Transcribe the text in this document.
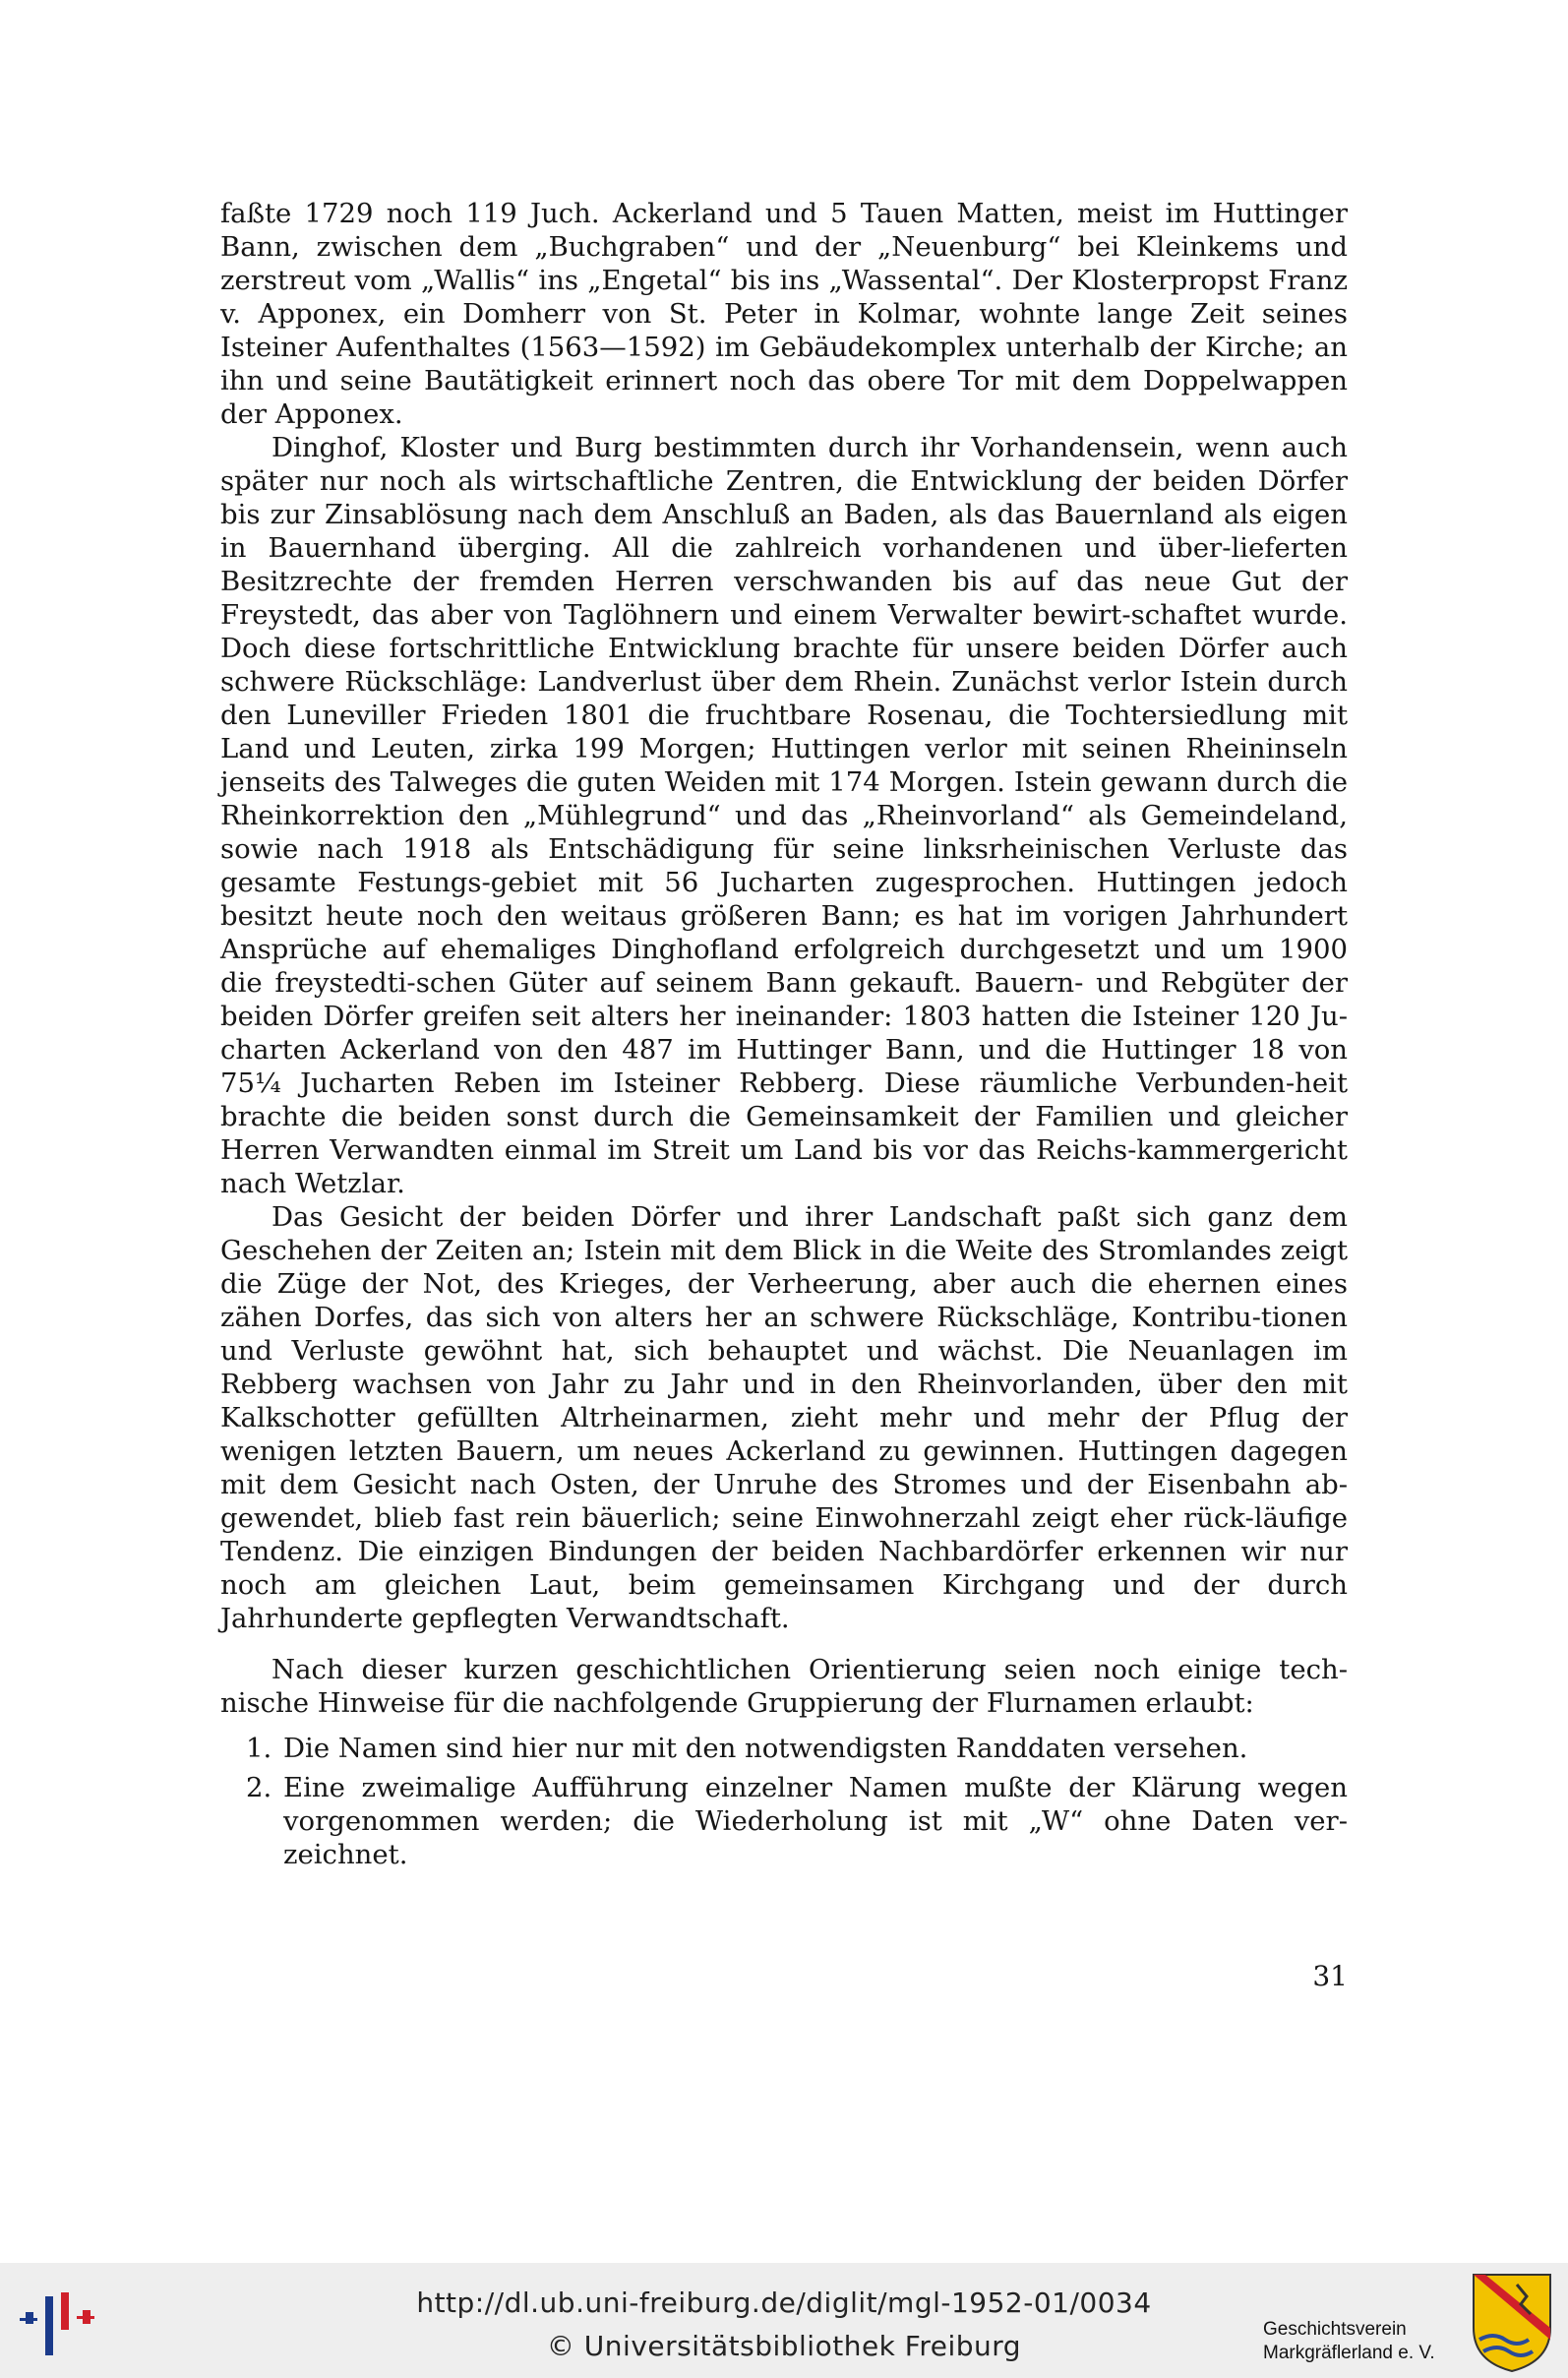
faßte 1729 noch 119 Juch. Ackerland und 5 Tauen Matten, meist im Huttinger Bann, zwischen dem „Buchgraben“ und der „Neuenburg“ bei Kleinkems und zerstreut vom „Wallis“ ins „Engetal“ bis ins „Wassental“. Der Klosterpropst Franz v. Apponex, ein Domherr von St. Peter in Kolmar, wohnte lange Zeit seines Isteiner Aufenthaltes (1563—1592) im Gebäudekomplex unterhalb der Kirche; an ihn und seine Bautätigkeit erinnert noch das obere Tor mit dem Doppelwappen der Apponex.

Dinghof, Kloster und Burg bestimmten durch ihr Vorhandensein, wenn auch später nur noch als wirtschaftliche Zentren, die Entwicklung der beiden Dörfer bis zur Zinsablösung nach dem Anschluß an Baden, als das Bauernland als eigen in Bauernhand überging. All die zahlreich vorhandenen und über-lieferten Besitzrechte der fremden Herren verschwanden bis auf das neue Gut der Freystedt, das aber von Taglöhnern und einem Verwalter bewirt-schaftet wurde. Doch diese fortschrittliche Entwicklung brachte für unsere beiden Dörfer auch schwere Rückschläge: Landverlust über dem Rhein. Zunächst verlor Istein durch den Luneviller Frieden 1801 die fruchtbare Rosenau, die Tochtersiedlung mit Land und Leuten, zirka 199 Morgen; Huttingen verlor mit seinen Rheininseln jenseits des Talweges die guten Weiden mit 174 Morgen. Istein gewann durch die Rheinkorrektion den „Mühlegrund“ und das „Rheinvorland“ als Gemeindeland, sowie nach 1918 als Entschädigung für seine linksrheinischen Verluste das gesamte Festungs-gebiet mit 56 Jucharten zugesprochen. Huttingen jedoch besitzt heute noch den weitaus größeren Bann; es hat im vorigen Jahrhundert Ansprüche auf ehemaliges Dinghofland erfolgreich durchgesetzt und um 1900 die freystedti-schen Güter auf seinem Bann gekauft. Bauern- und Rebgüter der beiden Dörfer greifen seit alters her ineinander: 1803 hatten die Isteiner 120 Ju-charten Ackerland von den 487 im Huttinger Bann, und die Huttinger 18 von 75¼ Jucharten Reben im Isteiner Rebberg. Diese räumliche Verbunden-heit brachte die beiden sonst durch die Gemeinsamkeit der Familien und gleicher Herren Verwandten einmal im Streit um Land bis vor das Reichs-kammergericht nach Wetzlar.

Das Gesicht der beiden Dörfer und ihrer Landschaft paßt sich ganz dem Geschehen der Zeiten an; Istein mit dem Blick in die Weite des Stromlandes zeigt die Züge der Not, des Krieges, der Verheerung, aber auch die ehernen eines zähen Dorfes, das sich von alters her an schwere Rückschläge, Kontribu-tionen und Verluste gewöhnt hat, sich behauptet und wächst. Die Neuanlagen im Rebberg wachsen von Jahr zu Jahr und in den Rheinvorlanden, über den mit Kalkschotter gefüllten Altrheinarmen, zieht mehr und mehr der Pflug der wenigen letzten Bauern, um neues Ackerland zu gewinnen. Huttingen dagegen mit dem Gesicht nach Osten, der Unruhe des Stromes und der Eisenbahn ab-gewendet, blieb fast rein bäuerlich; seine Einwohnerzahl zeigt eher rück-läufige Tendenz. Die einzigen Bindungen der beiden Nachbardörfer erkennen wir nur noch am gleichen Laut, beim gemeinsamen Kirchgang und der durch Jahrhunderte gepflegten Verwandtschaft.

Nach dieser kurzen geschichtlichen Orientierung seien noch einige tech-nische Hinweise für die nachfolgende Gruppierung der Flurnamen erlaubt:

1. Die Namen sind hier nur mit den notwendigsten Randdaten versehen.
2. Eine zweimalige Aufführung einzelner Namen mußte der Klärung wegen vorgenommen werden; die Wiederholung ist mit „W“ ohne Daten ver-zeichnet.
31
http://dl.ub.uni-freiburg.de/diglit/mgl-1952-01/0034
© Universitätsbibliothek Freiburg
Geschichtsverein
Markgräflerland e. V.
